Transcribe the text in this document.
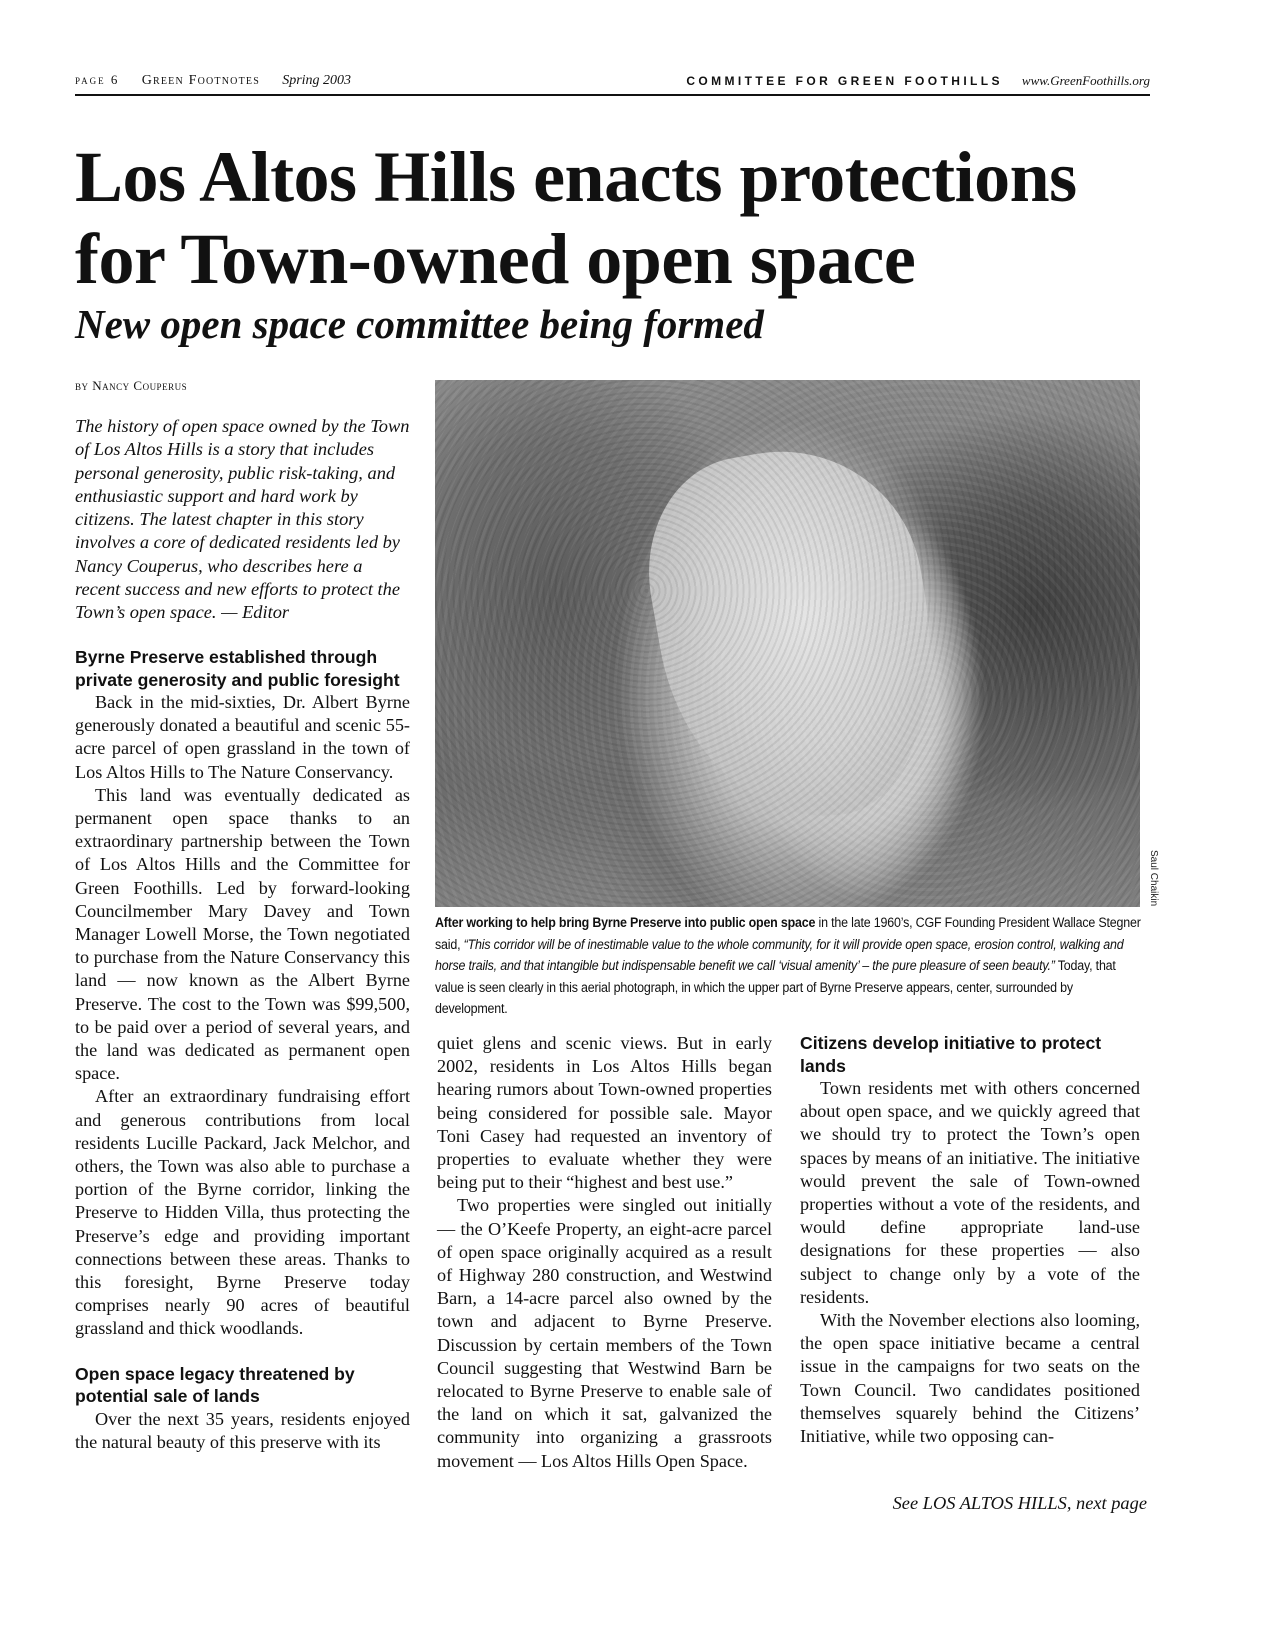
page 6 Green Footnotes Spring 2003	COMMITTEE FOR GREEN FOOTHILLS www.GreenFoothills.org
Los Altos Hills enacts protections for Town-owned open space
New open space committee being formed
by Nancy Couperus
The history of open space owned by the Town of Los Altos Hills is a story that includes personal generosity, public risk-taking, and enthusiastic support and hard work by citizens. The latest chapter in this story involves a core of dedicated residents led by Nancy Couperus, who describes here a recent success and new efforts to protect the Town’s open space. — Editor

Byrne Preserve established through private generosity and public foresight

Back in the mid-sixties, Dr. Albert Byrne generously donated a beautiful and scenic 55-acre parcel of open grassland in the town of Los Altos Hills to The Nature Conservancy.

This land was eventually dedicated as permanent open space thanks to an extraordinary partnership between the Town of Los Altos Hills and the Committee for Green Foothills. Led by forward-looking Councilmember Mary Davey and Town Manager Lowell Morse, the Town negotiated to purchase from the Nature Conservancy this land — now known as the Albert Byrne Preserve. The cost to the Town was $99,500, to be paid over a period of several years, and the land was dedicated as permanent open space.

After an extraordinary fundraising effort and generous contributions from local residents Lucille Packard, Jack Melchor, and others, the Town was also able to purchase a portion of the Byrne corridor, linking the Preserve to Hidden Villa, thus protecting the Preserve’s edge and providing important connections between these areas. Thanks to this foresight, Byrne Preserve today comprises nearly 90 acres of beautiful grassland and thick woodlands.

Open space legacy threatened by potential sale of lands

Over the next 35 years, residents enjoyed the natural beauty of this preserve with its

Saul Chaikin
After working to help bring Byrne Preserve into public open space in the late 1960’s, CGF Founding President Wallace Stegner said, “This corridor will be of inestimable value to the whole community, for it will provide open space, erosion control, walking and horse trails, and that intangible but indispensable benefit we call ‘visual amenity’ – the pure pleasure of seen beauty.” Today, that value is seen clearly in this aerial photograph, in which the upper part of Byrne Preserve appears, center, surrounded by development.

quiet glens and scenic views. But in early 2002, residents in Los Altos Hills began hearing rumors about Town-owned properties being considered for possible sale. Mayor Toni Casey had requested an inventory of properties to evaluate whether they were being put to their “highest and best use.”

Two properties were singled out initially — the O’Keefe Property, an eight-acre parcel of open space originally acquired as a result of Highway 280 construction, and Westwind Barn, a 14-acre parcel also owned by the town and adjacent to Byrne Preserve. Discussion by certain members of the Town Council suggesting that Westwind Barn be relocated to Byrne Preserve to enable sale of the land on which it sat, galvanized the community into organizing a grassroots movement — Los Altos Hills Open Space.

Citizens develop initiative to protect lands

Town residents met with others concerned about open space, and we quickly agreed that we should try to protect the Town’s open spaces by means of an initiative. The initiative would prevent the sale of Town-owned properties without a vote of the residents, and would define appropriate land-use designations for these properties — also subject to change only by a vote of the residents.

With the November elections also looming, the open space initiative became a central issue in the campaigns for two seats on the Town Council. Two candidates positioned themselves squarely behind the Citizens’ Initiative, while two opposing can-

See LOS ALTOS HILLS, next page
